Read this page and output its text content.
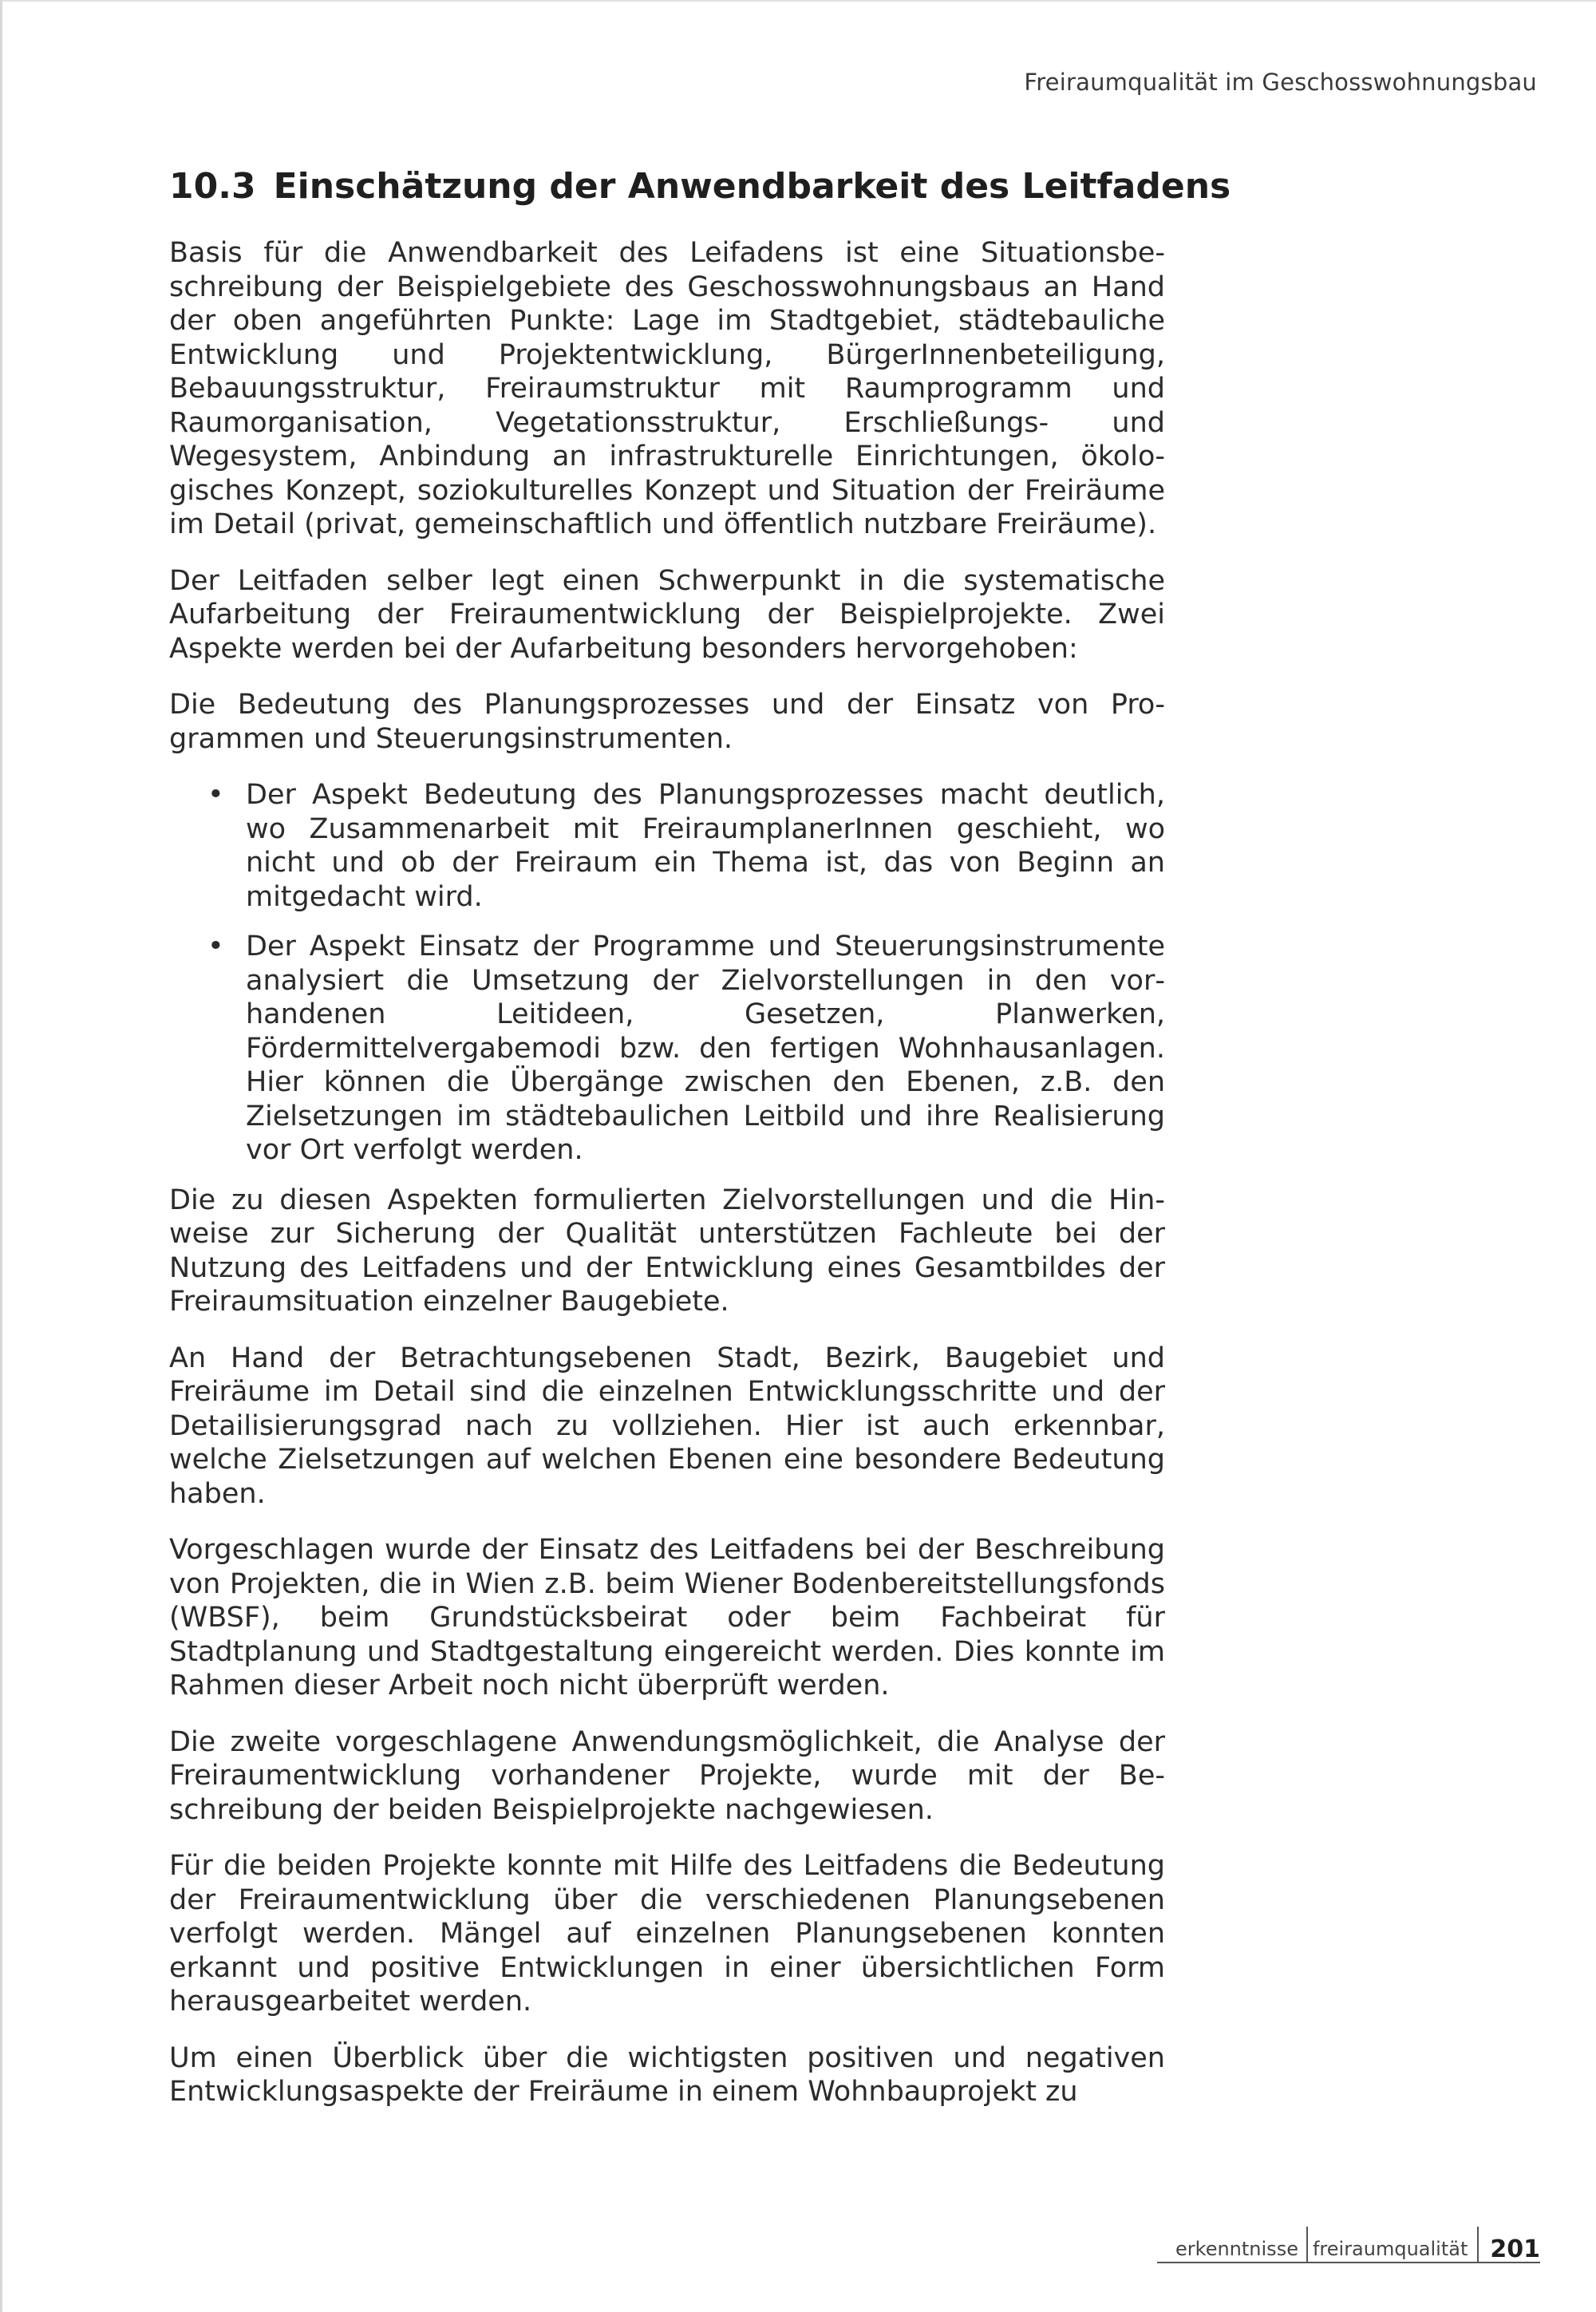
Freiraumqualität im Geschosswohnungsbau
10.3 Einschätzung der Anwendbarkeit des Leitfadens

Basis für die Anwendbarkeit des Leifadens ist eine Situationsbeschreibung der Beispielgebiete des Geschosswohnungsbaus an Hand der oben angeführten Punkte: Lage im Stadtgebiet, städtebauliche Entwicklung und Projektentwicklung, BürgerInnenbeteiligung, Bebauungsstruktur, Freiraumstruktur mit Raumprogramm und Raumorganisation, Vegetationsstruktur, Erschließungs- und Wegesystem, Anbindung an infrastrukturelle Einrichtungen, ökologisches Konzept, soziokulturelles Konzept und Situation der Freiräume im Detail (privat, gemeinschaftlich und öffentlich nutzbare Freiräume).

Der Leitfaden selber legt einen Schwerpunkt in die systematische Aufarbeitung der Freiraumentwicklung der Beispielprojekte. Zwei Aspekte werden bei der Aufarbeitung besonders hervorgehoben:

Die Bedeutung des Planungsprozesses und der Einsatz von Programmen und Steuerungsinstrumenten.

• Der Aspekt Bedeutung des Planungsprozesses macht deutlich, wo Zusammenarbeit mit FreiraumplanerInnen geschieht, wo nicht und ob der Freiraum ein Thema ist, das von Beginn an mitgedacht wird.
• Der Aspekt Einsatz der Programme und Steuerungsinstrumente analysiert die Umsetzung der Zielvorstellungen in den vorhandenen Leitideen, Gesetzen, Planwerken, Fördermittelvergabemodi bzw. den fertigen Wohnhausanlagen. Hier können die Übergänge zwischen den Ebenen, z.B. den Zielsetzungen im städtebaulichen Leitbild und ihre Realisierung vor Ort verfolgt werden.

Die zu diesen Aspekten formulierten Zielvorstellungen und die Hinweise zur Sicherung der Qualität unterstützen Fachleute bei der Nutzung des Leitfadens und der Entwicklung eines Gesamtbildes der Freiraumsituation einzelner Baugebiete.

An Hand der Betrachtungsebenen Stadt, Bezirk, Baugebiet und Freiräume im Detail sind die einzelnen Entwicklungsschritte und der Detailisierungsgrad nach zu vollziehen. Hier ist auch erkennbar, welche Zielsetzungen auf welchen Ebenen eine besondere Bedeutung haben.

Vorgeschlagen wurde der Einsatz des Leitfadens bei der Beschreibung von Projekten, die in Wien z.B. beim Wiener Bodenbereitstellungsfonds (WBSF), beim Grundstücksbeirat oder beim Fachbeirat für Stadtplanung und Stadtgestaltung eingereicht werden. Dies konnte im Rahmen dieser Arbeit noch nicht überprüft werden.

Die zweite vorgeschlagene Anwendungsmöglichkeit, die Analyse der Freiraumentwicklung vorhandener Projekte, wurde mit der Beschreibung der beiden Beispielprojekte nachgewiesen.

Für die beiden Projekte konnte mit Hilfe des Leitfadens die Bedeutung der Freiraumentwicklung über die verschiedenen Planungsebenen verfolgt werden. Mängel auf einzelnen Planungsebenen konnten erkannt und positive Entwicklungen in einer übersichtlichen Form herausgearbeitet werden.

Um einen Überblick über die wichtigsten positiven und negativen Entwicklungsaspekte der Freiräume in einem Wohnbauprojekt zu

erkenntnisse freiraumqualität 201
